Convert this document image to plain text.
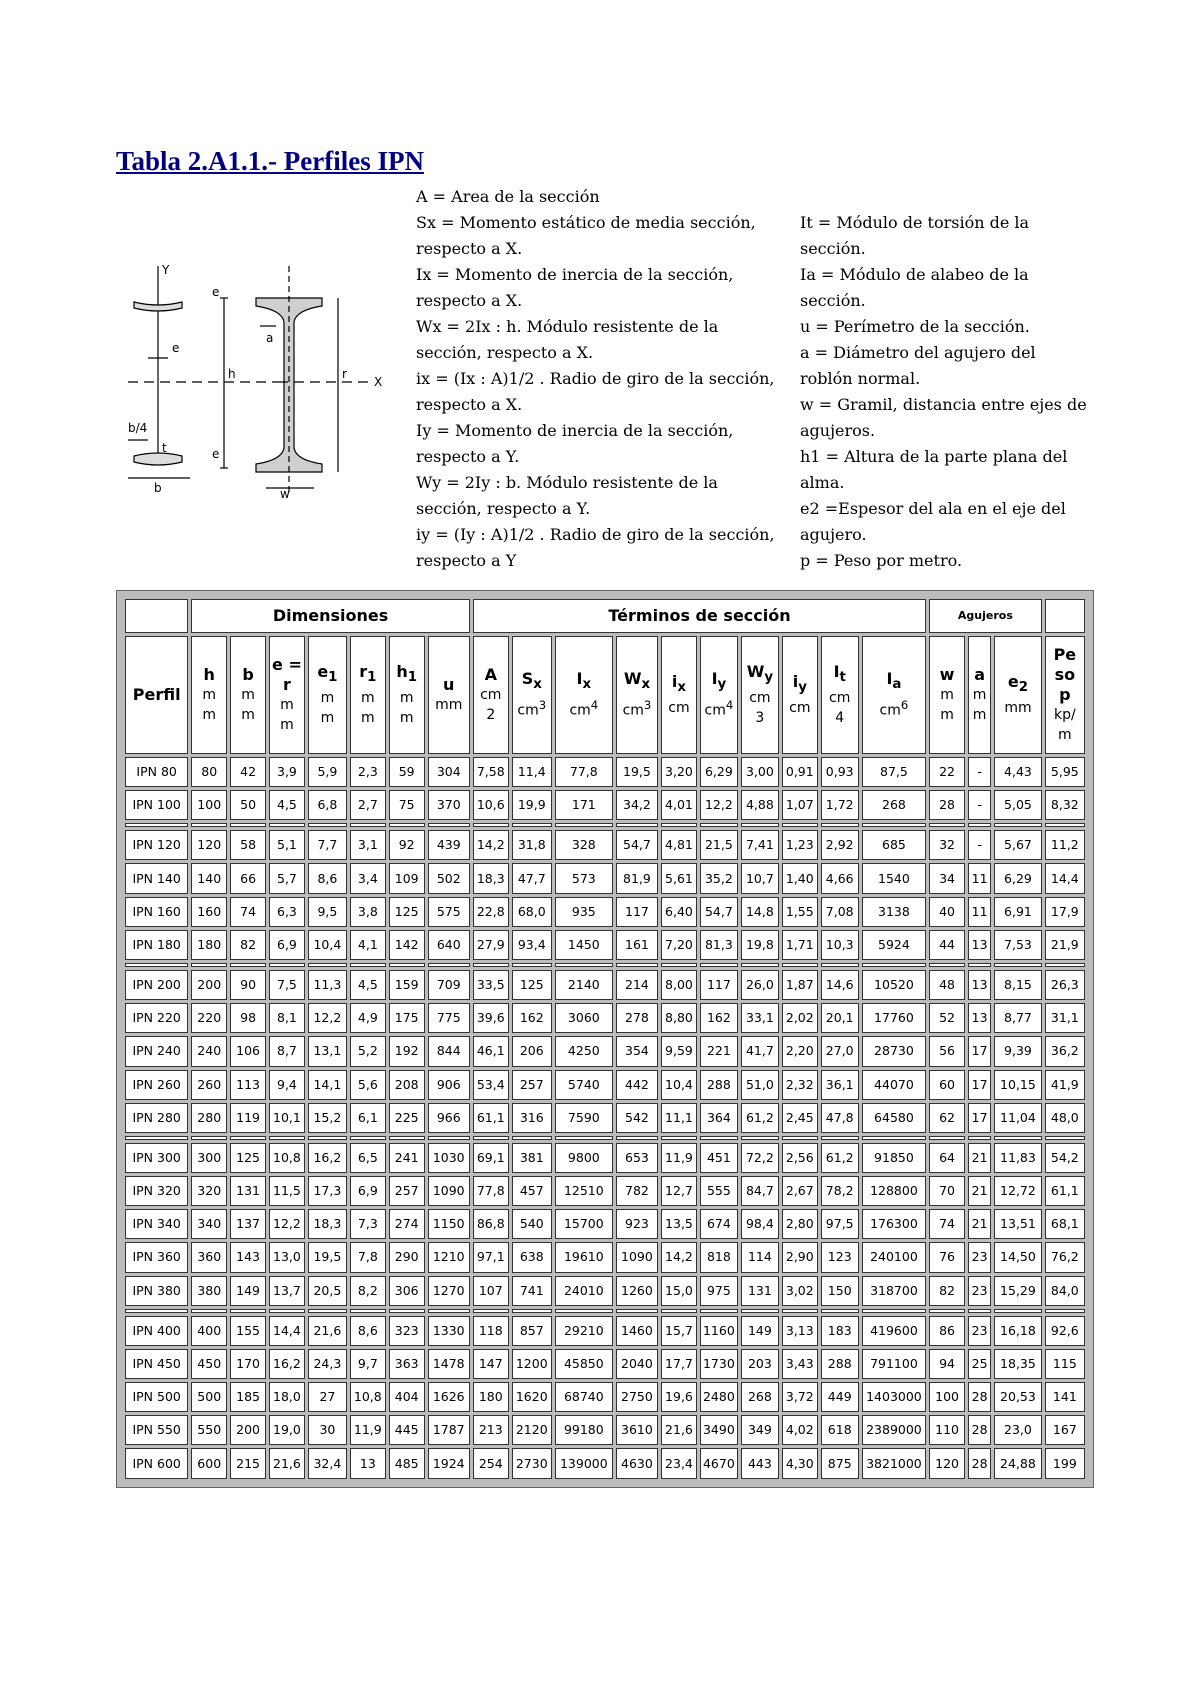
Tabla 2.A1.1.- Perfiles IPN
Y
e
e
h
b/4
t	e
b
a
r
X
w
A = Area de la sección
Sx = Momento estático de media sección,
respecto a X.
Ix = Momento de inercia de la sección,
respecto a X.
Wx = 2Ix : h. Módulo resistente de la
sección, respecto a X.
ix = (Ix : A)1/2 . Radio de giro de la sección,
respecto a X.
Iy = Momento de inercia de la sección,
respecto a Y.
Wy = 2Iy : b. Módulo resistente de la
sección, respecto a Y.
iy = (Iy : A)1/2 . Radio de giro de la sección,
respecto a Y
It = Módulo de torsión de la
sección.
Ia = Módulo de alabeo de la
sección.
u = Perímetro de la sección.
a = Diámetro del agujero del
roblón normal.
w = Gramil, distancia entre ejes de
agujeros.
h1 = Altura de la parte plana del
alma.
e2 =Espesor del ala en el eje del
agujero.
p = Peso por metro.
	Dimensiones							Términos de sección										Agujeros			
Perfil	h
m
m	b
m
m	e =
r
m
m	$e_1$
m
m	$r_1$
m
m	$h_1$
m
m	u
mm	A
cm
2	$S_x$
$cm^3$	$I_x$
$cm^4$	$W_x$
$cm^3$	$i_x$
cm	$I_y$
$cm^4$	$W_y$
cm
3	$i_y$
cm	$I_t$
cm
4	$I_a$
$cm^6$	w
m
m	a
m
m	$e_2$
mm	Pe
so
p
kp/
m
IPN 80	80	42	3,9	5,9	2,3	59	304	7,58	11,4	77,8	19,5	3,20	6,29	3,00	0,91	0,93	87,5	22	-	4,43	5,95
IPN 100	100	50	4,5	6,8	2,7	75	370	10,6	19,9	171	34,2	4,01	12,2	4,88	1,07	1,72	268	28	-	5,05	8,32

IPN 120	120	58	5,1	7,7	3,1	92	439	14,2	31,8	328	54,7	4,81	21,5	7,41	1,23	2,92	685	32	-	5,67	11,2
IPN 140	140	66	5,7	8,6	3,4	109	502	18,3	47,7	573	81,9	5,61	35,2	10,7	1,40	4,66	1540	34	11	6,29	14,4
IPN 160	160	74	6,3	9,5	3,8	125	575	22,8	68,0	935	117	6,40	54,7	14,8	1,55	7,08	3138	40	11	6,91	17,9
IPN 180	180	82	6,9	10,4	4,1	142	640	27,9	93,4	1450	161	7,20	81,3	19,8	1,71	10,3	5924	44	13	7,53	21,9

IPN 200	200	90	7,5	11,3	4,5	159	709	33,5	125	2140	214	8,00	117	26,0	1,87	14,6	10520	48	13	8,15	26,3
IPN 220	220	98	8,1	12,2	4,9	175	775	39,6	162	3060	278	8,80	162	33,1	2,02	20,1	17760	52	13	8,77	31,1
IPN 240	240	106	8,7	13,1	5,2	192	844	46,1	206	4250	354	9,59	221	41,7	2,20	27,0	28730	56	17	9,39	36,2
IPN 260	260	113	9,4	14,1	5,6	208	906	53,4	257	5740	442	10,4	288	51,0	2,32	36,1	44070	60	17	10,15	41,9
IPN 280	280	119	10,1	15,2	6,1	225	966	61,1	316	7590	542	11,1	364	61,2	2,45	47,8	64580	62	17	11,04	48,0

IPN 300	300	125	10,8	16,2	6,5	241	1030	69,1	381	9800	653	11,9	451	72,2	2,56	61,2	91850	64	21	11,83	54,2
IPN 320	320	131	11,5	17,3	6,9	257	1090	77,8	457	12510	782	12,7	555	84,7	2,67	78,2	128800	70	21	12,72	61,1
IPN 340	340	137	12,2	18,3	7,3	274	1150	86,8	540	15700	923	13,5	674	98,4	2,80	97,5	176300	74	21	13,51	68,1
IPN 360	360	143	13,0	19,5	7,8	290	1210	97,1	638	19610	1090	14,2	818	114	2,90	123	240100	76	23	14,50	76,2
IPN 380	380	149	13,7	20,5	8,2	306	1270	107	741	24010	1260	15,0	975	131	3,02	150	318700	82	23	15,29	84,0

IPN 400	400	155	14,4	21,6	8,6	323	1330	118	857	29210	1460	15,7	1160	149	3,13	183	419600	86	23	16,18	92,6
IPN 450	450	170	16,2	24,3	9,7	363	1478	147	1200	45850	2040	17,7	1730	203	3,43	288	791100	94	25	18,35	115
IPN 500	500	185	18,0	27	10,8	404	1626	180	1620	68740	2750	19,6	2480	268	3,72	449	1403000	100	28	20,53	141
IPN 550	550	200	19,0	30	11,9	445	1787	213	2120	99180	3610	21,6	3490	349	4,02	618	2389000	110	28	23,0	167
IPN 600	600	215	21,6	32,4	13	485	1924	254	2730	139000	4630	23,4	4670	443	4,30	875	3821000	120	28	24,88	199
